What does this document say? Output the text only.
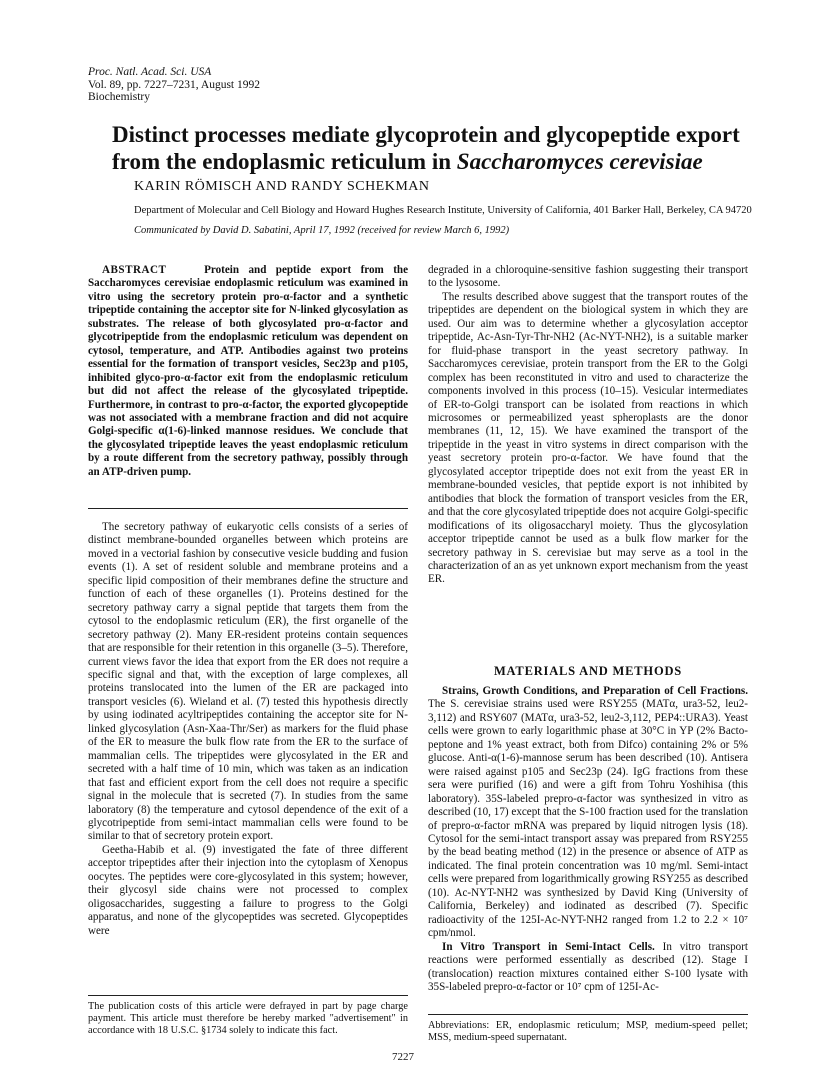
Proc. Natl. Acad. Sci. USA
Vol. 89, pp. 7227–7231, August 1992
Biochemistry
Distinct processes mediate glycoprotein and glycopeptide export from the endoplasmic reticulum in Saccharomyces cerevisiae
KARIN RÖMISCH AND RANDY SCHEKMAN
Department of Molecular and Cell Biology and Howard Hughes Research Institute, University of California, 401 Barker Hall, Berkeley, CA 94720
Communicated by David D. Sabatini, April 17, 1992 (received for review March 6, 1992)

ABSTRACT	Protein and peptide export from the Saccharomyces cerevisiae endoplasmic reticulum was examined in vitro using the secretory protein pro-α-factor and a synthetic tripeptide containing the acceptor site for N-linked glycosylation as substrates. The release of both glycosylated pro-α-factor and glycotripeptide from the endoplasmic reticulum was dependent on cytosol, temperature, and ATP. Antibodies against two proteins essential for the formation of transport vesicles, Sec23p and p105, inhibited glyco-pro-α-factor exit from the endoplasmic reticulum but did not affect the release of the glycosylated tripeptide. Furthermore, in contrast to pro-α-factor, the exported glycopeptide was not associated with a membrane fraction and did not acquire Golgi-specific α(1-6)-linked mannose residues. We conclude that the glycosylated tripeptide leaves the yeast endoplasmic reticulum by a route different from the secretory pathway, possibly through an ATP-driven pump.

The secretory pathway of eukaryotic cells consists of a series of distinct membrane-bounded organelles between which proteins are moved in a vectorial fashion by consecutive vesicle budding and fusion events (1). A set of resident soluble and membrane proteins and a specific lipid composition of their membranes define the structure and function of each of these organelles (1). Proteins destined for the secretory pathway carry a signal peptide that targets them from the cytosol to the endoplasmic reticulum (ER), the first organelle of the secretory pathway (2). Many ER-resident proteins contain sequences that are responsible for their retention in this organelle (3–5). Therefore, current views favor the idea that export from the ER does not require a specific signal and that, with the exception of large complexes, all proteins translocated into the lumen of the ER are packaged into transport vesicles (6). Wieland et al. (7) tested this hypothesis directly by using iodinated acyltripeptides containing the acceptor site for N-linked glycosylation (Asn-Xaa-Thr/Ser) as markers for the fluid phase of the ER to measure the bulk flow rate from the ER to the surface of mammalian cells. The tripeptides were glycosylated in the ER and secreted with a half time of 10 min, which was taken as an indication that fast and efficient export from the cell does not require a specific signal in the molecule that is secreted (7). In studies from the same laboratory (8) the temperature and cytosol dependence of the exit of a glycotripeptide from semi-intact mammalian cells were found to be similar to that of secretory protein export.

Geetha-Habib et al. (9) investigated the fate of three different acceptor tripeptides after their injection into the cytoplasm of Xenopus oocytes. The peptides were core-glycosylated in this system; however, their glycosyl side chains were not processed to complex oligosaccharides, suggesting a failure to progress to the Golgi apparatus, and none of the glycopeptides was secreted. Glycopeptides were

The publication costs of this article were defrayed in part by page charge payment. This article must therefore be hereby marked "advertisement" in accordance with 18 U.S.C. §1734 solely to indicate this fact.

degraded in a chloroquine-sensitive fashion suggesting their transport to the lysosome.

The results described above suggest that the transport routes of the tripeptides are dependent on the biological system in which they are used. Our aim was to determine whether a glycosylation acceptor tripeptide, Ac-Asn-Tyr-Thr-NH2 (Ac-NYT-NH2), is a suitable marker for fluid-phase transport in the yeast secretory pathway. In Saccharomyces cerevisiae, protein transport from the ER to the Golgi complex has been reconstituted in vitro and used to characterize the components involved in this process (10–15). Vesicular intermediates of ER-to-Golgi transport can be isolated from reactions in which microsomes or permeabilized yeast spheroplasts are the donor membranes (11, 12, 15). We have examined the transport of the tripeptide in the yeast in vitro systems in direct comparison with the yeast secretory protein pro-α-factor. We have found that the glycosylated acceptor tripeptide does not exit from the yeast ER in membrane-bounded vesicles, that peptide export is not inhibited by antibodies that block the formation of transport vesicles from the ER, and that the core glycosylated tripeptide does not acquire Golgi-specific modifications of its oligosaccharyl moiety. Thus the glycosylation acceptor tripeptide cannot be used as a bulk flow marker for the secretory pathway in S. cerevisiae but may serve as a tool in the characterization of an as yet unknown export mechanism from the yeast ER.

MATERIALS AND METHODS

Strains, Growth Conditions, and Preparation of Cell Fractions. The S. cerevisiae strains used were RSY255 (MATα, ura3-52, leu2-3,112) and RSY607 (MATα, ura3-52, leu2-3,112, PEP4::URA3). Yeast cells were grown to early logarithmic phase at 30°C in YP (2% Bacto-peptone and 1% yeast extract, both from Difco) containing 2% or 5% glucose. Anti-α(1-6)-mannose serum has been described (10). Antisera were raised against p105 and Sec23p (24). IgG fractions from these sera were purified (16) and were a gift from Tohru Yoshihisa (this laboratory). 35S-labeled prepro-α-factor was synthesized in vitro as described (10, 17) except that the S-100 fraction used for the translation of prepro-α-factor mRNA was prepared by liquid nitrogen lysis (18). Cytosol for the semi-intact transport assay was prepared from RSY255 by the bead beating method (12) in the presence or absence of ATP as indicated. The final protein concentration was 10 mg/ml. Semi-intact cells were prepared from logarithmically growing RSY255 as described (10). Ac-NYT-NH2 was synthesized by David King (University of California, Berkeley) and iodinated as described (7). Specific radioactivity of the 125I-Ac-NYT-NH2 ranged from 1.2 to 2.2 × 10⁷ cpm/nmol.

In Vitro Transport in Semi-Intact Cells. In vitro transport reactions were performed essentially as described (12). Stage I (translocation) reaction mixtures contained either S-100 lysate with 35S-labeled prepro-α-factor or 10⁷ cpm of 125I-Ac-

Abbreviations: ER, endoplasmic reticulum; MSP, medium-speed pellet; MSS, medium-speed supernatant.
7227
